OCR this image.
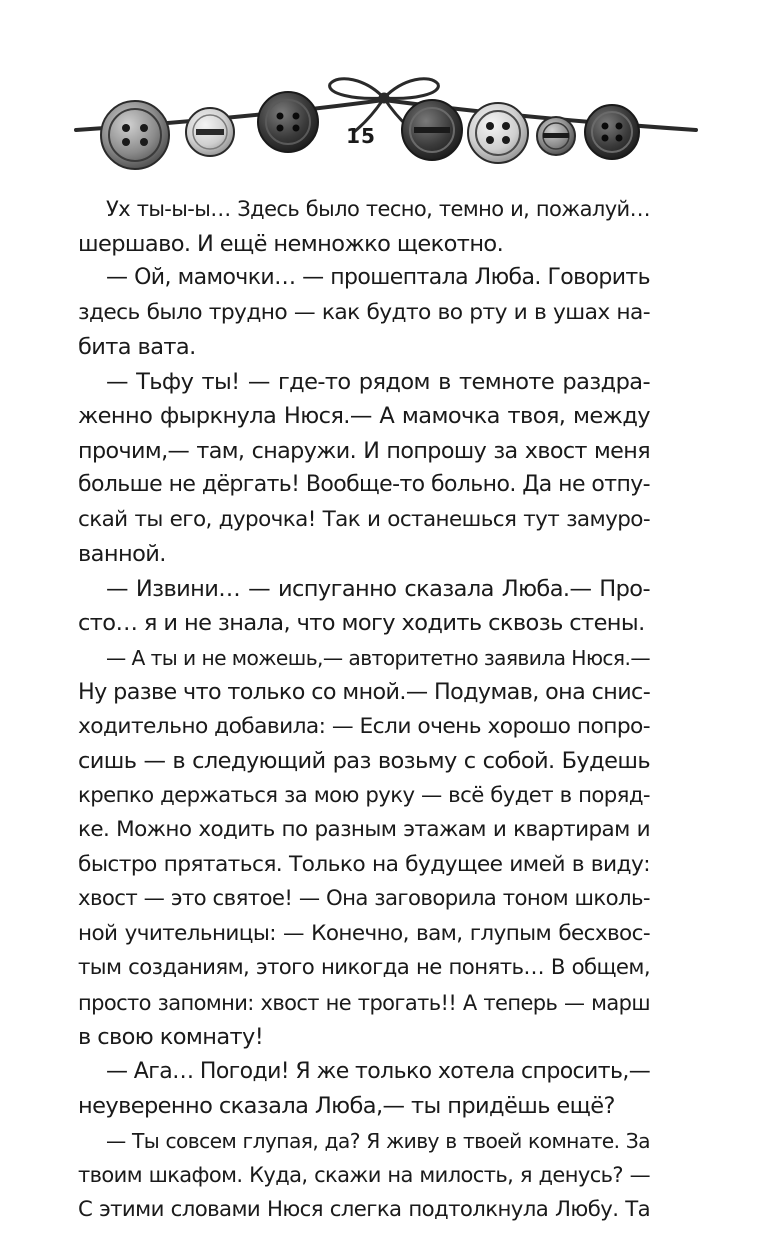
15
Ух ты-ы-ы… Здесь было тесно, темно и, пожалуй…
шершаво. И ещё немножко щекотно.
— Ой, мамочки… — прошептала Люба. Говорить
здесь было трудно — как будто во рту и в ушах на-
бита вата.
— Тьфу ты! — где-то рядом в темноте раздра-
женно фыркнула Нюся.— А мамочка твоя, между
прочим,— там, снаружи. И попрошу за хвост меня
больше не дёргать! Вообще-то больно. Да не отпу-
скай ты его, дурочка! Так и останешься тут замуро-
ванной.
— Извини… — испуганно сказала Люба.— Про-
сто… я и не знала, что могу ходить сквозь стены.
— А ты и не можешь,— авторитетно заявила Нюся.—
Ну разве что только со мной.— Подумав, она снис-
ходительно добавила: — Если очень хорошо попро-
сишь — в следующий раз возьму с собой. Будешь
крепко держаться за мою руку — всё будет в поряд-
ке. Можно ходить по разным этажам и квартирам и
быстро прятаться. Только на будущее имей в виду:
хвост — это святое! — Она заговорила тоном школь-
ной учительницы: — Конечно, вам, глупым бесхвос-
тым созданиям, этого никогда не понять… В общем,
просто запомни: хвост не трогать!! А теперь — марш
в свою комнату!
— Ага… Погоди! Я же только хотела спросить,—
неуверенно сказала Люба,— ты придёшь ещё?
— Ты совсем глупая, да? Я живу в твоей комнате. За
твоим шкафом. Куда, скажи на милость, я денусь? —
С этими словами Нюся слегка подтолкнула Любу. Та
